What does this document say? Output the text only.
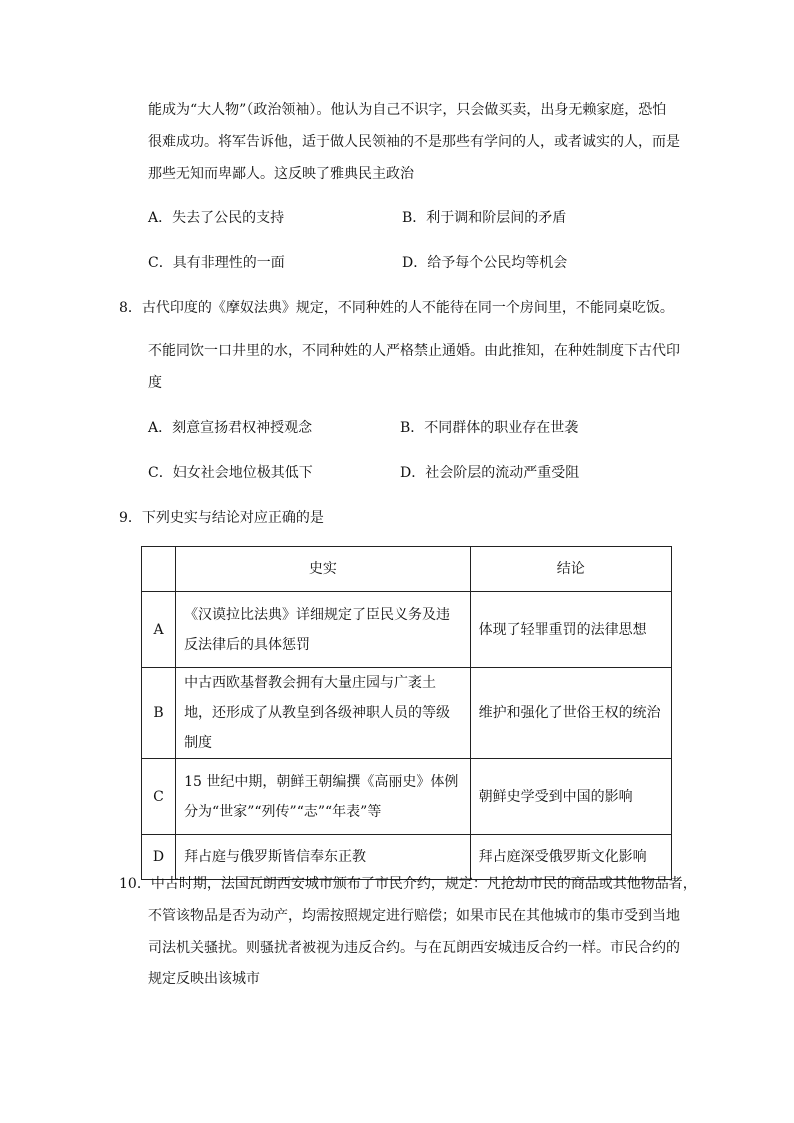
能成为“大人物”（政治领袖）。他认为自己不识字，只会做买卖，出身无赖家庭，恐怕
很难成功。将军告诉他，适于做人民领袖的不是那些有学问的人，或者诚实的人，而是
那些无知而卑鄙人。这反映了雅典民主政治
A．失去了公民的支持	B．利于调和阶层间的矛盾
C．具有非理性的一面	D．给予每个公民均等机会
8．古代印度的《摩奴法典》规定，不同种姓的人不能待在同一个房间里，不能同桌吃饭。
不能同饮一口井里的水，不同种姓的人严格禁止通婚。由此推知，在种姓制度下古代印
度
A．刻意宣扬君权神授观念	B．不同群体的职业存在世袭
C．妇女社会地位极其低下	D．社会阶层的流动严重受阻
9．下列史实与结论对应正确的是
	史实	结论
A	《汉谟拉比法典》详细规定了臣民义务及违反法律后的具体惩罚	体现了轻罪重罚的法律思想
B	中古西欧基督教会拥有大量庄园与广袤土地，还形成了从教皇到各级神职人员的等级制度	维护和强化了世俗王权的统治
C	15 世纪中期，朝鲜王朝编撰《高丽史》体例分为“世家”“列传”“志”“年表”等	朝鲜史学受到中国的影响
D	拜占庭与俄罗斯皆信奉东正教	拜占庭深受俄罗斯文化影响
10．中古时期，法国瓦朗西安城市颁布了市民介约，规定：凡抢劫市民的商品或其他物品者，
不管该物品是否为动产，均需按照规定进行赔偿；如果市民在其他城市的集市受到当地
司法机关骚扰。则骚扰者被视为违反合约。与在瓦朗西安城违反合约一样。市民合约的
规定反映出该城市
